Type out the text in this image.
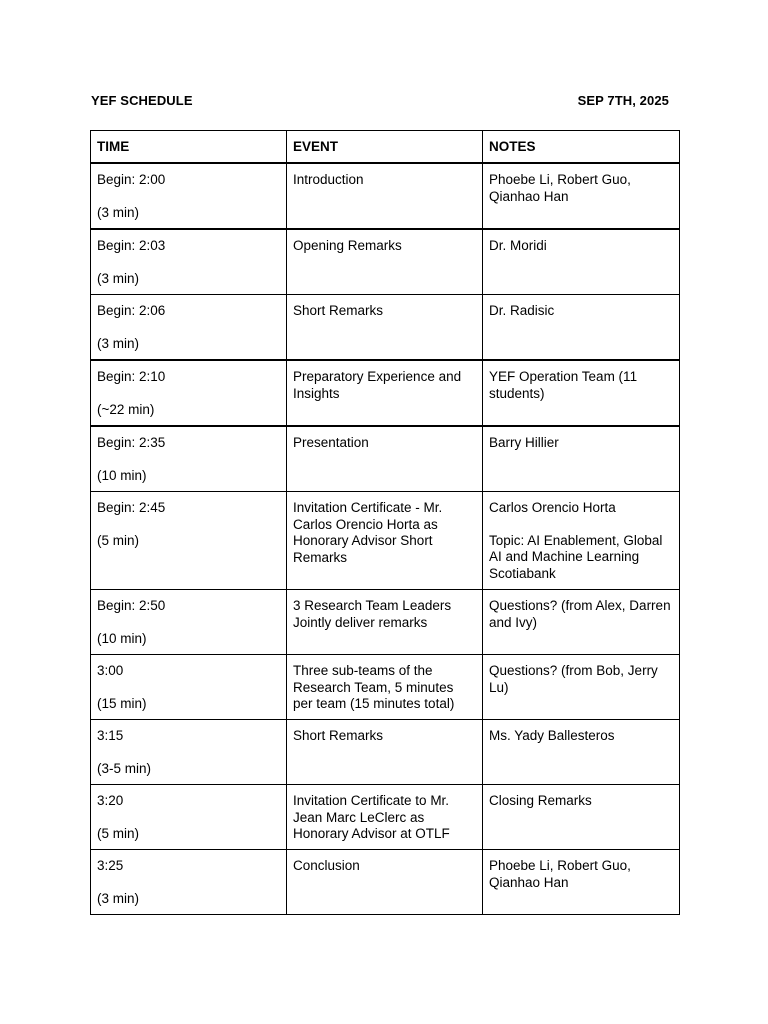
YEF SCHEDULE	SEP 7TH, 2025
TIME	EVENT	NOTES

Begin: 2:00
(3 min)	Introduction	Phoebe Li, Robert Guo, Qianhao Han

Begin: 2:03
(3 min)	Opening Remarks	Dr. Moridi

Begin: 2:06
(3 min)	Short Remarks	Dr. Radisic

Begin: 2:10
(~22 min)	Preparatory Experience and Insights	YEF Operation Team (11 students)

Begin: 2:35
(10 min)	Presentation	Barry Hillier

Begin: 2:45
(5 min)	Invitation Certificate - Mr. Carlos Orencio Horta as Honorary Advisor Short Remarks	Carlos Orencio Horta
Topic: AI Enablement, Global AI and Machine Learning Scotiabank

Begin: 2:50
(10 min)	3 Research Team Leaders Jointly deliver remarks	Questions? (from Alex, Darren and Ivy)

3:00
(15 min)	Three sub-teams of the Research Team, 5 minutes per team (15 minutes total)	Questions? (from Bob, Jerry Lu)

3:15
(3-5 min)	Short Remarks	Ms. Yady Ballesteros

3:20
(5 min)	Invitation Certificate to Mr. Jean Marc LeClerc as Honorary Advisor at OTLF	Closing Remarks

3:25
(3 min)	Conclusion	Phoebe Li, Robert Guo, Qianhao Han
